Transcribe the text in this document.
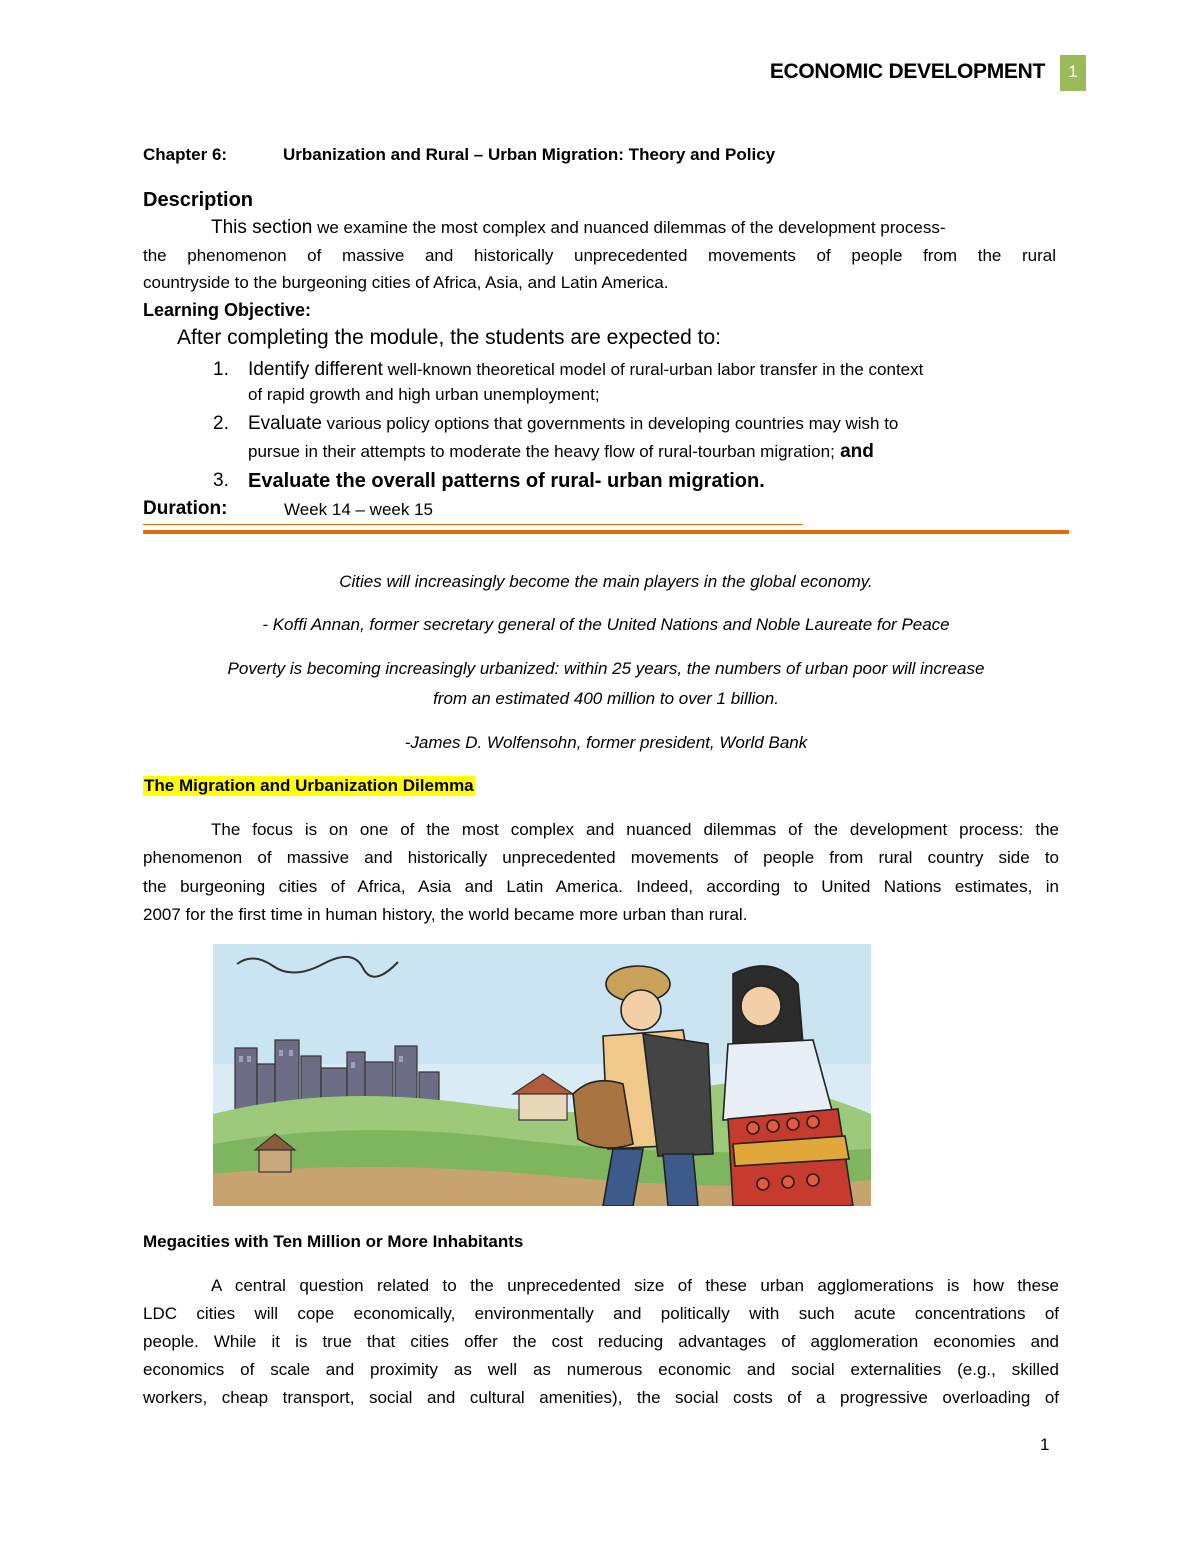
ECONOMIC DEVELOPMENT	1
Chapter 6:	Urbanization and Rural – Urban Migration: Theory and Policy
Description
This section we examine the most complex and nuanced dilemmas of the development process-
the phenomenon of massive and historically unprecedented movements of people from the rural
countryside to the burgeoning cities of Africa, Asia, and Latin America.
Learning Objective:
After completing the module, the students are expected to:
1. Identify different well-known theoretical model of rural-urban labor transfer in the context
of rapid growth and high urban unemployment;
2. Evaluate various policy options that governments in developing countries may wish to
pursue in their attempts to moderate the heavy flow of rural-tourban migration; and
3. Evaluate the overall patterns of rural- urban migration.
Duration:	Week 14 – week 15
Cities will increasingly become the main players in the global economy.
- Koffi Annan, former secretary general of the United Nations and Noble Laureate for Peace
Poverty is becoming increasingly urbanized: within 25 years, the numbers of urban poor will increase
from an estimated 400 million to over 1 billion.
-James D. Wolfensohn, former president, World Bank
The Migration and Urbanization Dilemma
The focus is on one of the most complex and nuanced dilemmas of the development process: the
phenomenon of massive and historically unprecedented movements of people from rural country side to
the burgeoning cities of Africa, Asia and Latin America. Indeed, according to United Nations estimates, in
2007 for the first time in human history, the world became more urban than rural.
Megacities with Ten Million or More Inhabitants
A central question related to the unprecedented size of these urban agglomerations is how these
LDC cities will cope economically, environmentally and politically with such acute concentrations of
people. While it is true that cities offer the cost reducing advantages of agglomeration economies and
economics of scale and proximity as well as numerous economic and social externalities (e.g., skilled
workers, cheap transport, social and cultural amenities), the social costs of a progressive overloading of
1
